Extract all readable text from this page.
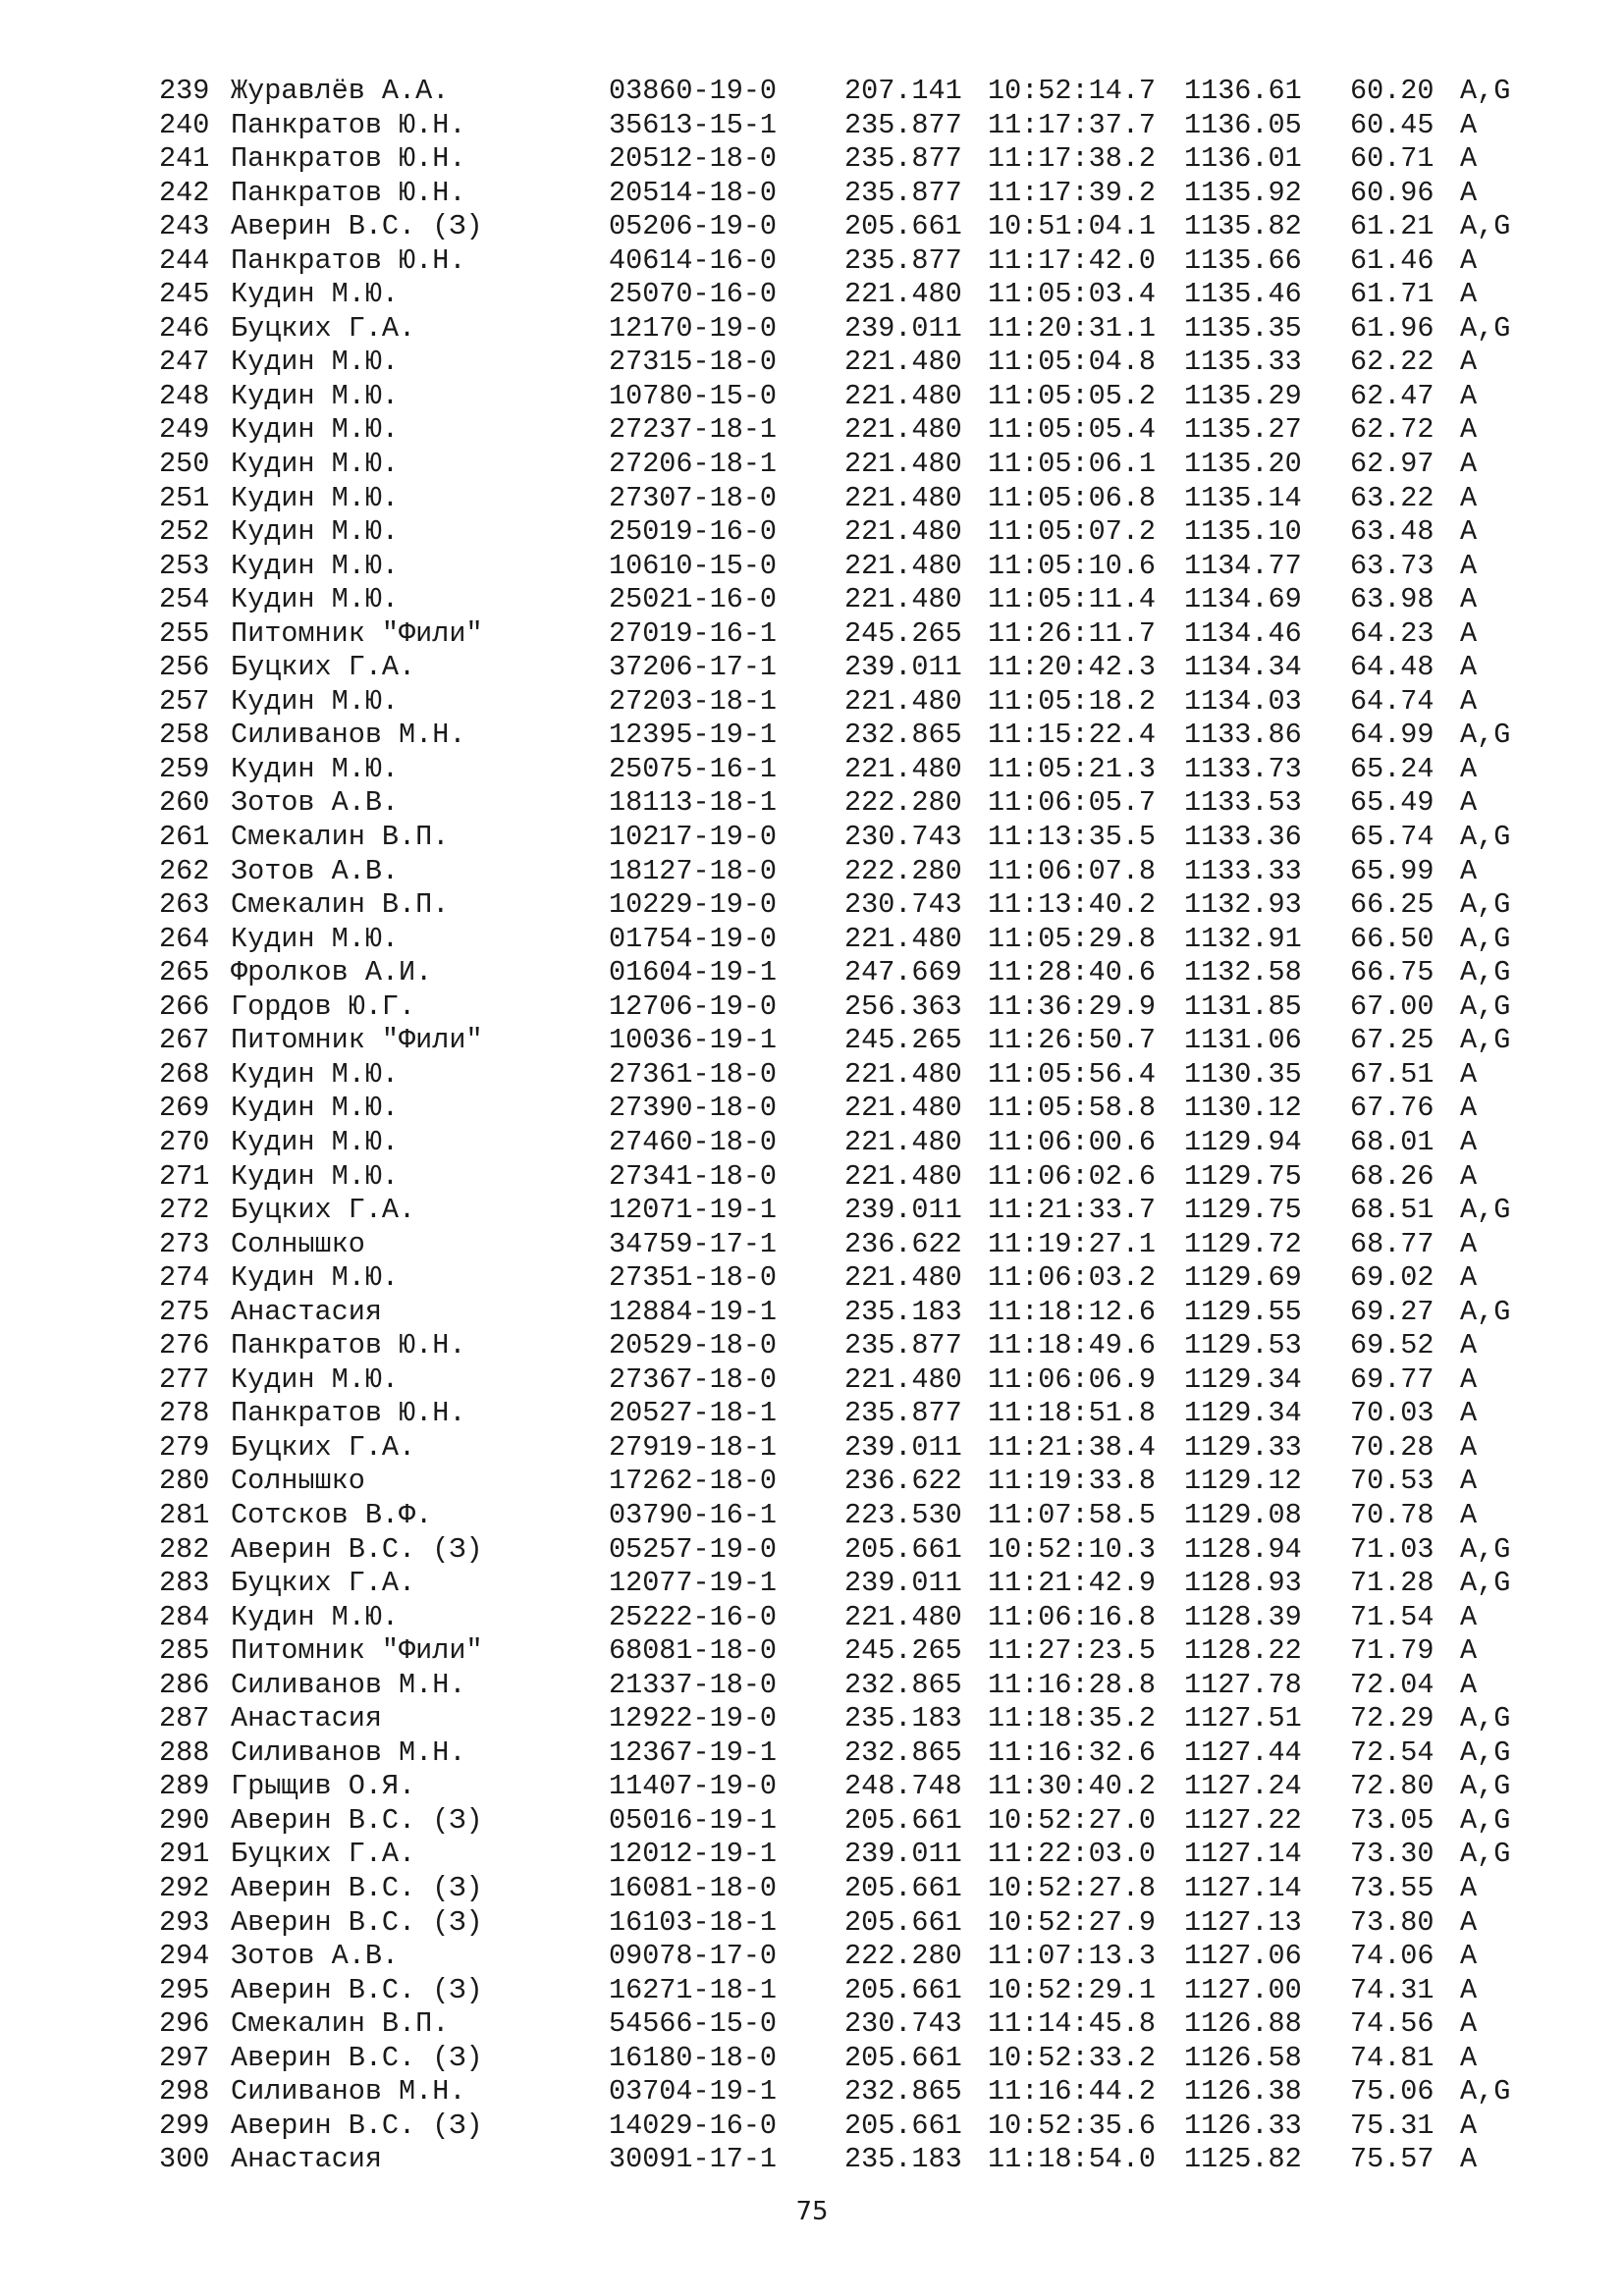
239 Журавлёв А.А.	03860-19-0 207.141 10:52:14.7 1136.61 60.20 A,G
240 Панкратов Ю.Н.	35613-15-1 235.877 11:17:37.7 1136.05 60.45 A
241 Панкратов Ю.Н.	20512-18-0 235.877 11:17:38.2 1136.01 60.71 A
242 Панкратов Ю.Н.	20514-18-0 235.877 11:17:39.2 1135.92 60.96 A
243 Аверин В.С. (З)	05206-19-0 205.661 10:51:04.1 1135.82 61.21 A,G
244 Панкратов Ю.Н.	40614-16-0 235.877 11:17:42.0 1135.66 61.46 A
245 Кудин М.Ю.	25070-16-0 221.480 11:05:03.4 1135.46 61.71 A
246 Буцких Г.А.	12170-19-0 239.011 11:20:31.1 1135.35 61.96 A,G
247 Кудин М.Ю.	27315-18-0 221.480 11:05:04.8 1135.33 62.22 A
248 Кудин М.Ю.	10780-15-0 221.480 11:05:05.2 1135.29 62.47 A
249 Кудин М.Ю.	27237-18-1 221.480 11:05:05.4 1135.27 62.72 A
250 Кудин М.Ю.	27206-18-1 221.480 11:05:06.1 1135.20 62.97 A
251 Кудин М.Ю.	27307-18-0 221.480 11:05:06.8 1135.14 63.22 A
252 Кудин М.Ю.	25019-16-0 221.480 11:05:07.2 1135.10 63.48 A
253 Кудин М.Ю.	10610-15-0 221.480 11:05:10.6 1134.77 63.73 A
254 Кудин М.Ю.	25021-16-0 221.480 11:05:11.4 1134.69 63.98 A
255 Питомник "Фили"	27019-16-1 245.265 11:26:11.7 1134.46 64.23 A
256 Буцких Г.А.	37206-17-1 239.011 11:20:42.3 1134.34 64.48 A
257 Кудин М.Ю.	27203-18-1 221.480 11:05:18.2 1134.03 64.74 A
258 Силиванов М.Н.	12395-19-1 232.865 11:15:22.4 1133.86 64.99 A,G
259 Кудин М.Ю.	25075-16-1 221.480 11:05:21.3 1133.73 65.24 A
260 Зотов А.В.	18113-18-1 222.280 11:06:05.7 1133.53 65.49 A
261 Смекалин В.П.	10217-19-0 230.743 11:13:35.5 1133.36 65.74 A,G
262 Зотов А.В.	18127-18-0 222.280 11:06:07.8 1133.33 65.99 A
263 Смекалин В.П.	10229-19-0 230.743 11:13:40.2 1132.93 66.25 A,G
264 Кудин М.Ю.	01754-19-0 221.480 11:05:29.8 1132.91 66.50 A,G
265 Фролков А.И.	01604-19-1 247.669 11:28:40.6 1132.58 66.75 A,G
266 Гордов Ю.Г.	12706-19-0 256.363 11:36:29.9 1131.85 67.00 A,G
267 Питомник "Фили"	10036-19-1 245.265 11:26:50.7 1131.06 67.25 A,G
268 Кудин М.Ю.	27361-18-0 221.480 11:05:56.4 1130.35 67.51 A
269 Кудин М.Ю.	27390-18-0 221.480 11:05:58.8 1130.12 67.76 A
270 Кудин М.Ю.	27460-18-0 221.480 11:06:00.6 1129.94 68.01 A
271 Кудин М.Ю.	27341-18-0 221.480 11:06:02.6 1129.75 68.26 A
272 Буцких Г.А.	12071-19-1 239.011 11:21:33.7 1129.75 68.51 A,G
273 Солнышко	34759-17-1 236.622 11:19:27.1 1129.72 68.77 A
274 Кудин М.Ю.	27351-18-0 221.480 11:06:03.2 1129.69 69.02 A
275 Анастасия	12884-19-1 235.183 11:18:12.6 1129.55 69.27 A,G
276 Панкратов Ю.Н.	20529-18-0 235.877 11:18:49.6 1129.53 69.52 A
277 Кудин М.Ю.	27367-18-0 221.480 11:06:06.9 1129.34 69.77 A
278 Панкратов Ю.Н.	20527-18-1 235.877 11:18:51.8 1129.34 70.03 A
279 Буцких Г.А.	27919-18-1 239.011 11:21:38.4 1129.33 70.28 A
280 Солнышко	17262-18-0 236.622 11:19:33.8 1129.12 70.53 A
281 Сотсков В.Ф.	03790-16-1 223.530 11:07:58.5 1129.08 70.78 A
282 Аверин В.С. (З)	05257-19-0 205.661 10:52:10.3 1128.94 71.03 A,G
283 Буцких Г.А.	12077-19-1 239.011 11:21:42.9 1128.93 71.28 A,G
284 Кудин М.Ю.	25222-16-0 221.480 11:06:16.8 1128.39 71.54 A
285 Питомник "Фили"	68081-18-0 245.265 11:27:23.5 1128.22 71.79 A
286 Силиванов М.Н.	21337-18-0 232.865 11:16:28.8 1127.78 72.04 A
287 Анастасия	12922-19-0 235.183 11:18:35.2 1127.51 72.29 A,G
288 Силиванов М.Н.	12367-19-1 232.865 11:16:32.6 1127.44 72.54 A,G
289 Грыщив О.Я.	11407-19-0 248.748 11:30:40.2 1127.24 72.80 A,G
290 Аверин В.С. (З)	05016-19-1 205.661 10:52:27.0 1127.22 73.05 A,G
291 Буцких Г.А.	12012-19-1 239.011 11:22:03.0 1127.14 73.30 A,G
292 Аверин В.С. (З)	16081-18-0 205.661 10:52:27.8 1127.14 73.55 A
293 Аверин В.С. (З)	16103-18-1 205.661 10:52:27.9 1127.13 73.80 A
294 Зотов А.В.	09078-17-0 222.280 11:07:13.3 1127.06 74.06 A
295 Аверин В.С. (З)	16271-18-1 205.661 10:52:29.1 1127.00 74.31 A
296 Смекалин В.П.	54566-15-0 230.743 11:14:45.8 1126.88 74.56 A
297 Аверин В.С. (З)	16180-18-0 205.661 10:52:33.2 1126.58 74.81 A
298 Силиванов М.Н.	03704-19-1 232.865 11:16:44.2 1126.38 75.06 A,G
299 Аверин В.С. (З)	14029-16-0 205.661 10:52:35.6 1126.33 75.31 A
300 Анастасия	30091-17-1 235.183 11:18:54.0 1125.82 75.57 A
75
